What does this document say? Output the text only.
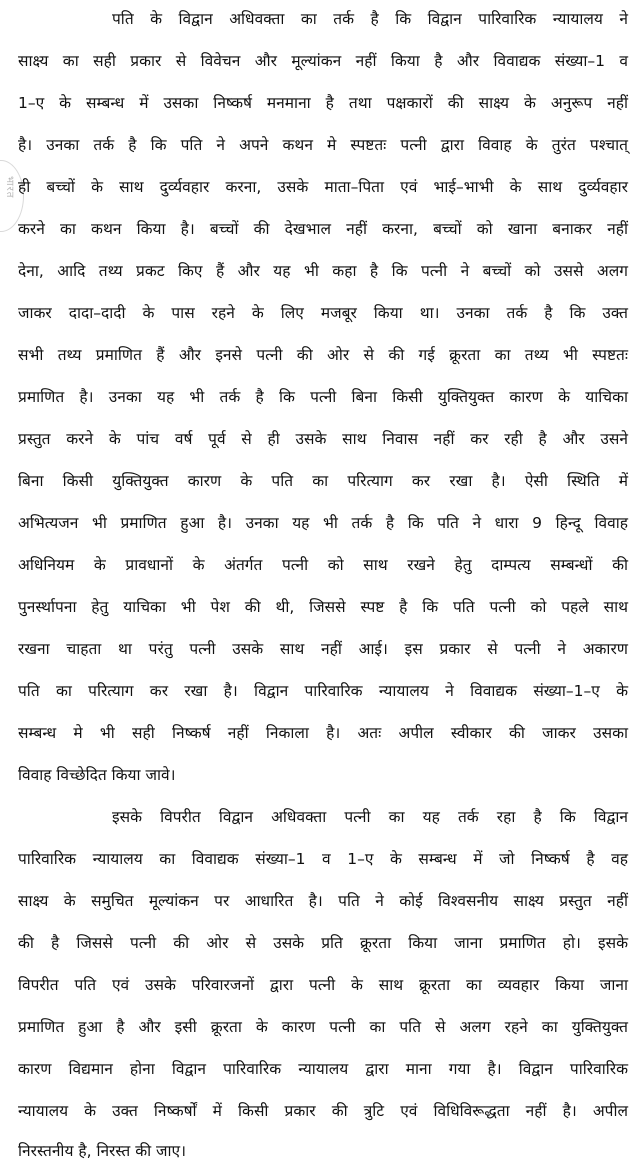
भारत
पति के विद्वान अधिवक्ता का तर्क है कि विद्वान पारिवारिक न्यायालय ने
साक्ष्य का सही प्रकार से विवेचन और मूल्यांकन नहीं किया है और विवाद्यक संख्या–1 व
1–ए के सम्बन्ध में उसका निष्कर्ष मनमाना है तथा पक्षकारों की साक्ष्य के अनुरूप नहीं
है। उनका तर्क है कि पति ने अपने कथन मे स्पष्टतः पत्नी द्वारा विवाह के तुरंत पश्चात्
ही बच्चों के साथ दुर्व्यवहार करना, उसके माता–पिता एवं भाई–भाभी के साथ दुर्व्यवहार
करने का कथन किया है। बच्चों की देखभाल नहीं करना, बच्चों को खाना बनाकर नहीं
देना, आदि तथ्य प्रकट किए हैं और यह भी कहा है कि पत्नी ने बच्चों को उससे अलग
जाकर दादा–दादी के पास रहने के लिए मजबूर किया था। उनका तर्क है कि उक्त
सभी तथ्य प्रमाणित हैं और इनसे पत्नी की ओर से की गई क्रूरता का तथ्य भी स्पष्टतः
प्रमाणित है। उनका यह भी तर्क है कि पत्नी बिना किसी युक्तियुक्त कारण के याचिका
प्रस्तुत करने के पांच वर्ष पूर्व से ही उसके साथ निवास नहीं कर रही है और उसने
बिना किसी युक्तियुक्त कारण के पति का परित्याग कर रखा है। ऐसी स्थिति में
अभित्यजन भी प्रमाणित हुआ है। उनका यह भी तर्क है कि पति ने धारा 9 हिन्दू विवाह
अधिनियम के प्रावधानों के अंतर्गत पत्नी को साथ रखने हेतु दाम्पत्य सम्बन्धों की
पुनर्स्थापना हेतु याचिका भी पेश की थी, जिससे स्पष्ट है कि पति पत्नी को पहले साथ
रखना चाहता था परंतु पत्नी उसके साथ नहीं आई। इस प्रकार से पत्नी ने अकारण
पति का परित्याग कर रखा है। विद्वान पारिवारिक न्यायालय ने विवाद्यक संख्या–1–ए के
सम्बन्ध मे भी सही निष्कर्ष नहीं निकाला है। अतः अपील स्वीकार की जाकर उसका
विवाह विच्छेदित किया जावे।
इसके विपरीत विद्वान अधिवक्ता पत्नी का यह तर्क रहा है कि विद्वान
पारिवारिक न्यायालय का विवाद्यक संख्या–1 व 1–ए के सम्बन्ध में जो निष्कर्ष है वह
साक्ष्य के समुचित मूल्यांकन पर आधारित है। पति ने कोई विश्वसनीय साक्ष्य प्रस्तुत नहीं
की है जिससे पत्नी की ओर से उसके प्रति क्रूरता किया जाना प्रमाणित हो। इसके
विपरीत पति एवं उसके परिवारजनों द्वारा पत्नी के साथ क्रूरता का व्यवहार किया जाना
प्रमाणित हुआ है और इसी क्रूरता के कारण पत्नी का पति से अलग रहने का युक्तियुक्त
कारण विद्यमान होना विद्वान पारिवारिक न्यायालय द्वारा माना गया है। विद्वान पारिवारिक
न्यायालय के उक्त निष्कर्षों में किसी प्रकार की त्रुटि एवं विधिविरूद्धता नहीं है। अपील
निरस्तनीय है, निरस्त की जाए।
